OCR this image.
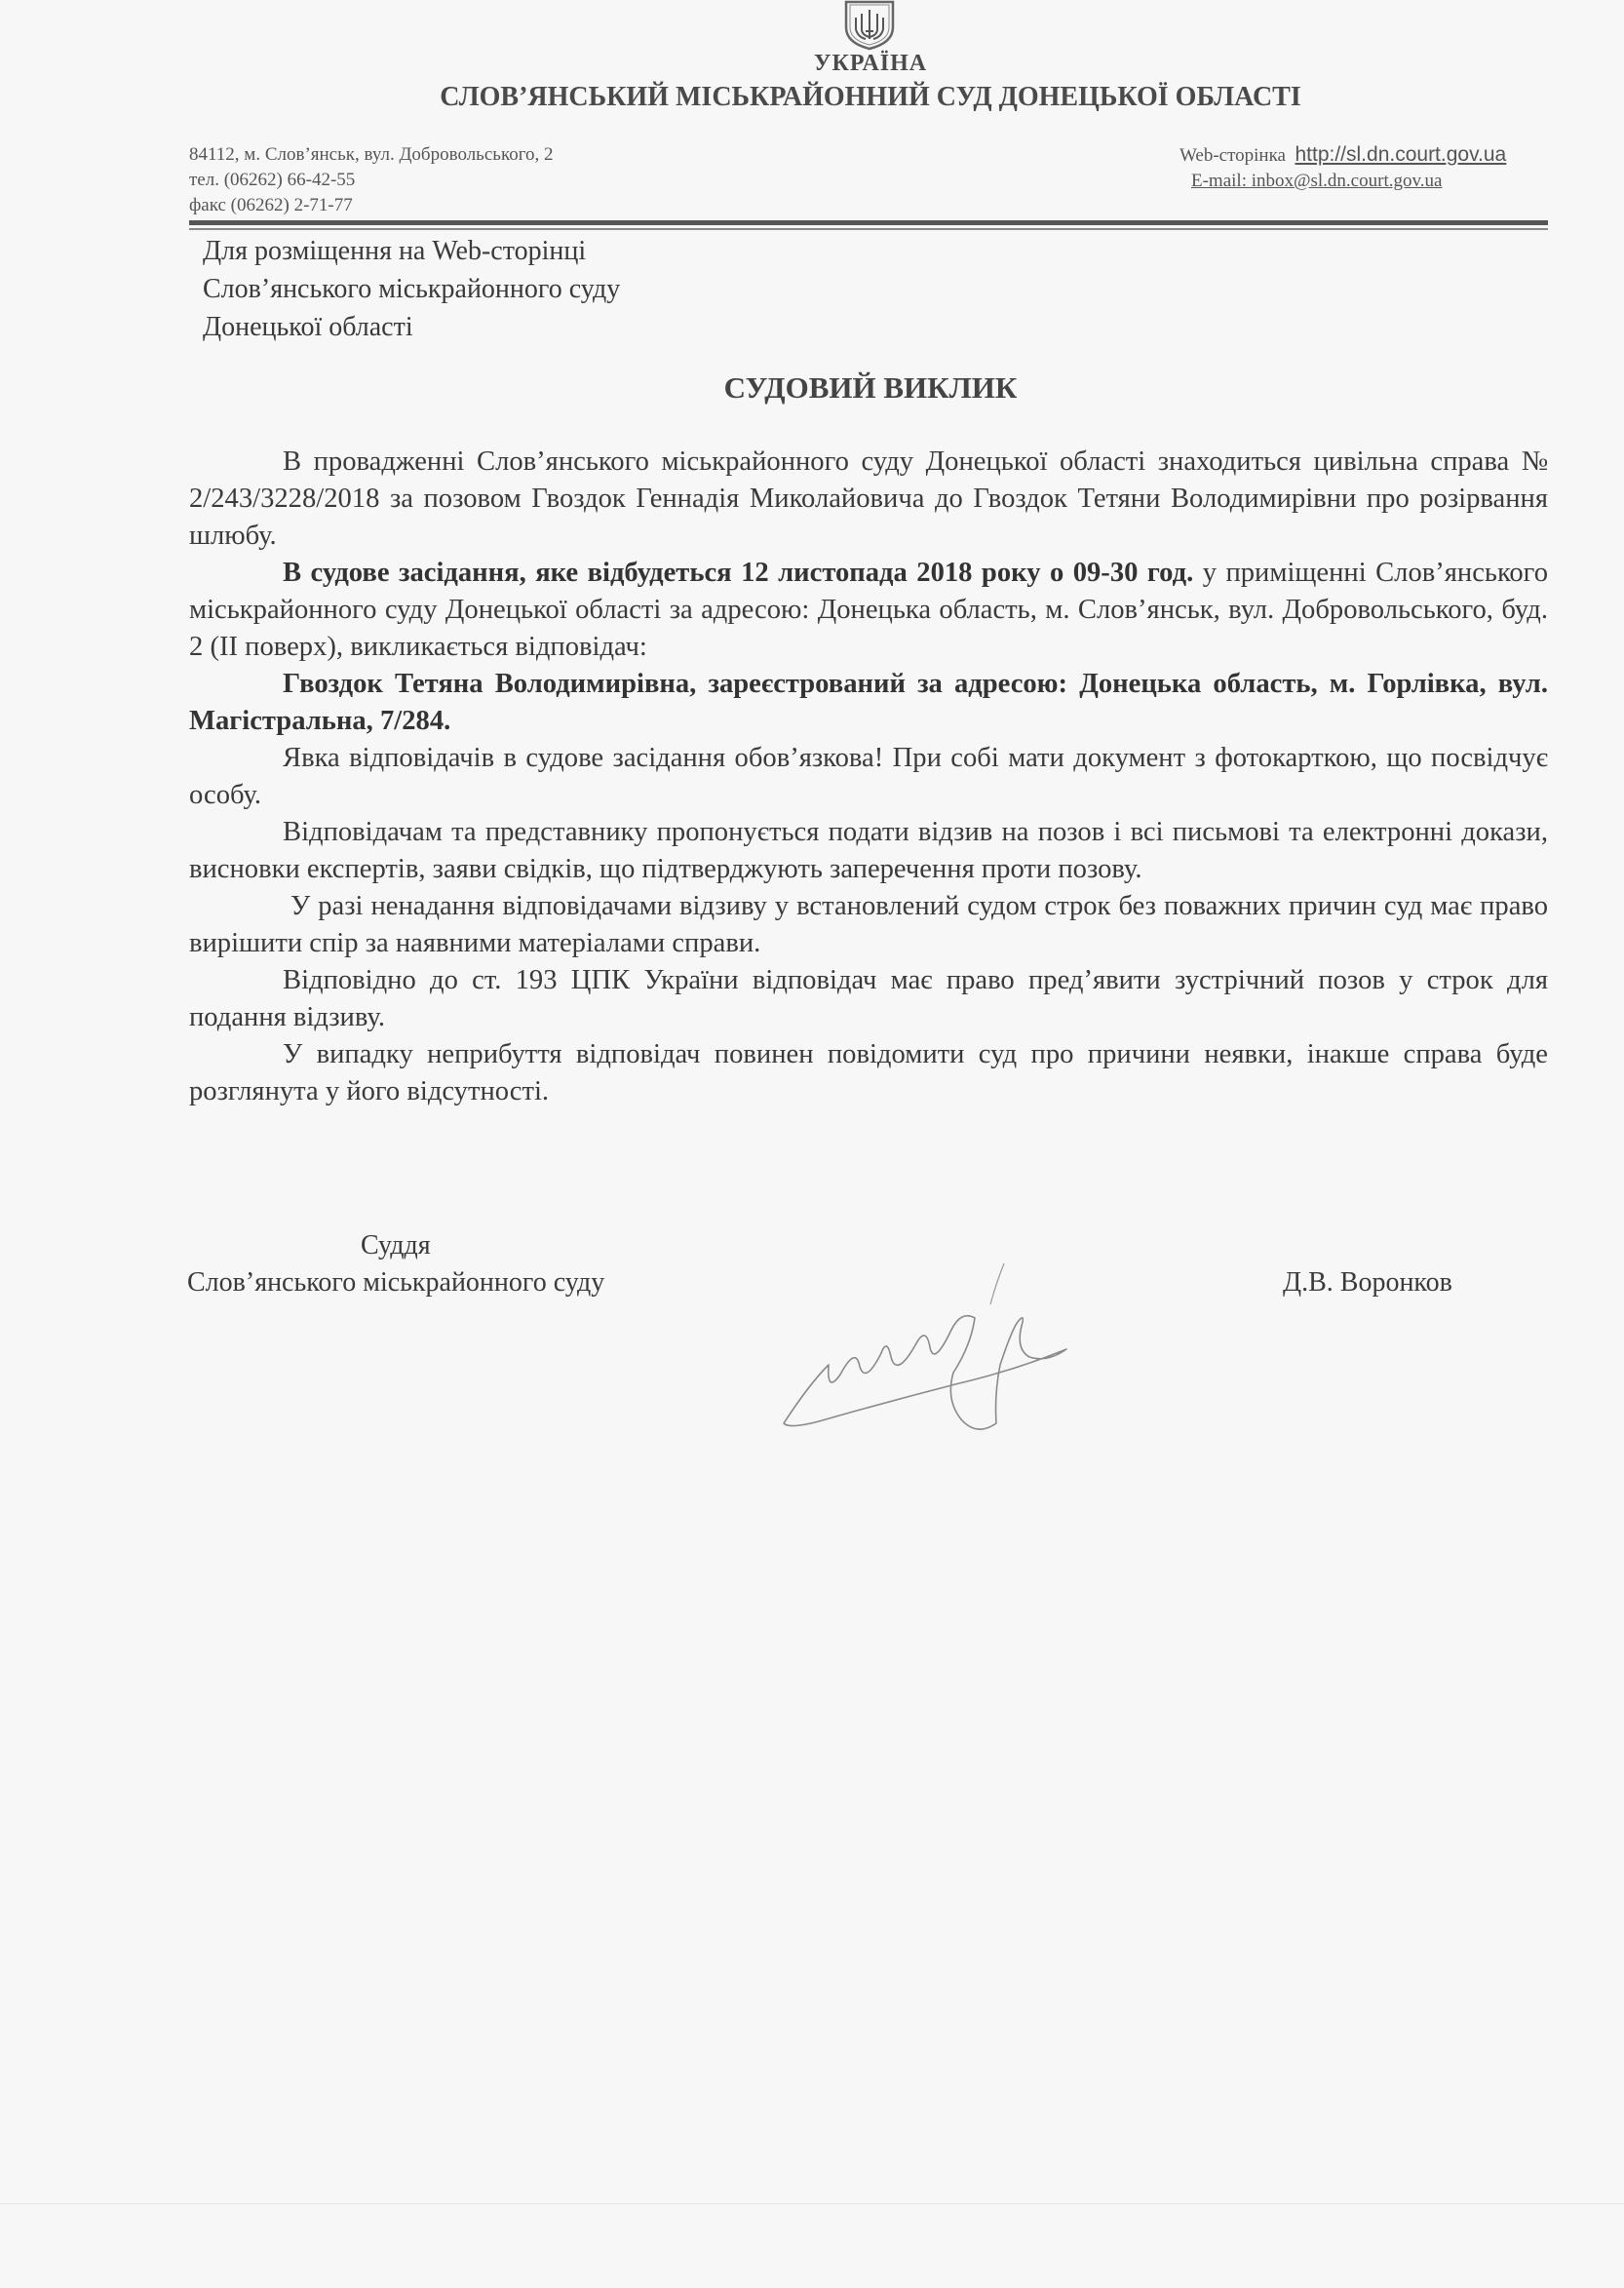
УКРАЇНА
СЛОВ’ЯНСЬКИЙ МІСЬКРАЙОННИЙ СУД ДОНЕЦЬКОЇ ОБЛАСТІ
84112, м. Слов’янськ, вул. Добровольського, 2
тел. (06262) 66-42-55
факс (06262) 2-71-77
Web-сторінка http://sl.dn.court.gov.ua
E-mail: inbox@sl.dn.court.gov.ua
Для розміщення на Web-сторінці
Слов’янського міськрайонного суду
Донецької області
СУДОВИЙ ВИКЛИК

В провадженні Слов’янського міськрайонного суду Донецької області знаходиться цивільна справа № 2/243/3228/2018 за позовом Гвоздок Геннадія Миколайовича до Гвоздок Тетяни Володимирівни про розірвання шлюбу.

В судове засідання, яке відбудеться 12 листопада 2018 року о 09-30 год. у приміщенні Слов’янського міськрайонного суду Донецької області за адресою: Донецька область, м. Слов’янськ, вул. Добровольського, буд. 2 (ІІ поверх), викликається відповідач:

Гвоздок Тетяна Володимирівна, зареєстрований за адресою: Донецька область, м. Горлівка, вул. Магістральна, 7/284.

Явка відповідачів в судове засідання обов’язкова! При собі мати документ з фотокарткою, що посвідчує особу.

Відповідачам та представнику пропонується подати відзив на позов і всі письмові та електронні докази, висновки експертів, заяви свідків, що підтверджують заперечення проти позову.

У разі ненадання відповідачами відзиву у встановлений судом строк без поважних причин суд має право вирішити спір за наявними матеріалами справи.

Відповідно до ст. 193 ЦПК України відповідач має право пред’явити зустрічний позов у строк для подання відзиву.

У випадку неприбуття відповідач повинен повідомити суд про причини неявки, інакше справа буде розглянута у його відсутності.

Суддя
Слов’янського міськрайонного суду	Д.В. Воронков
